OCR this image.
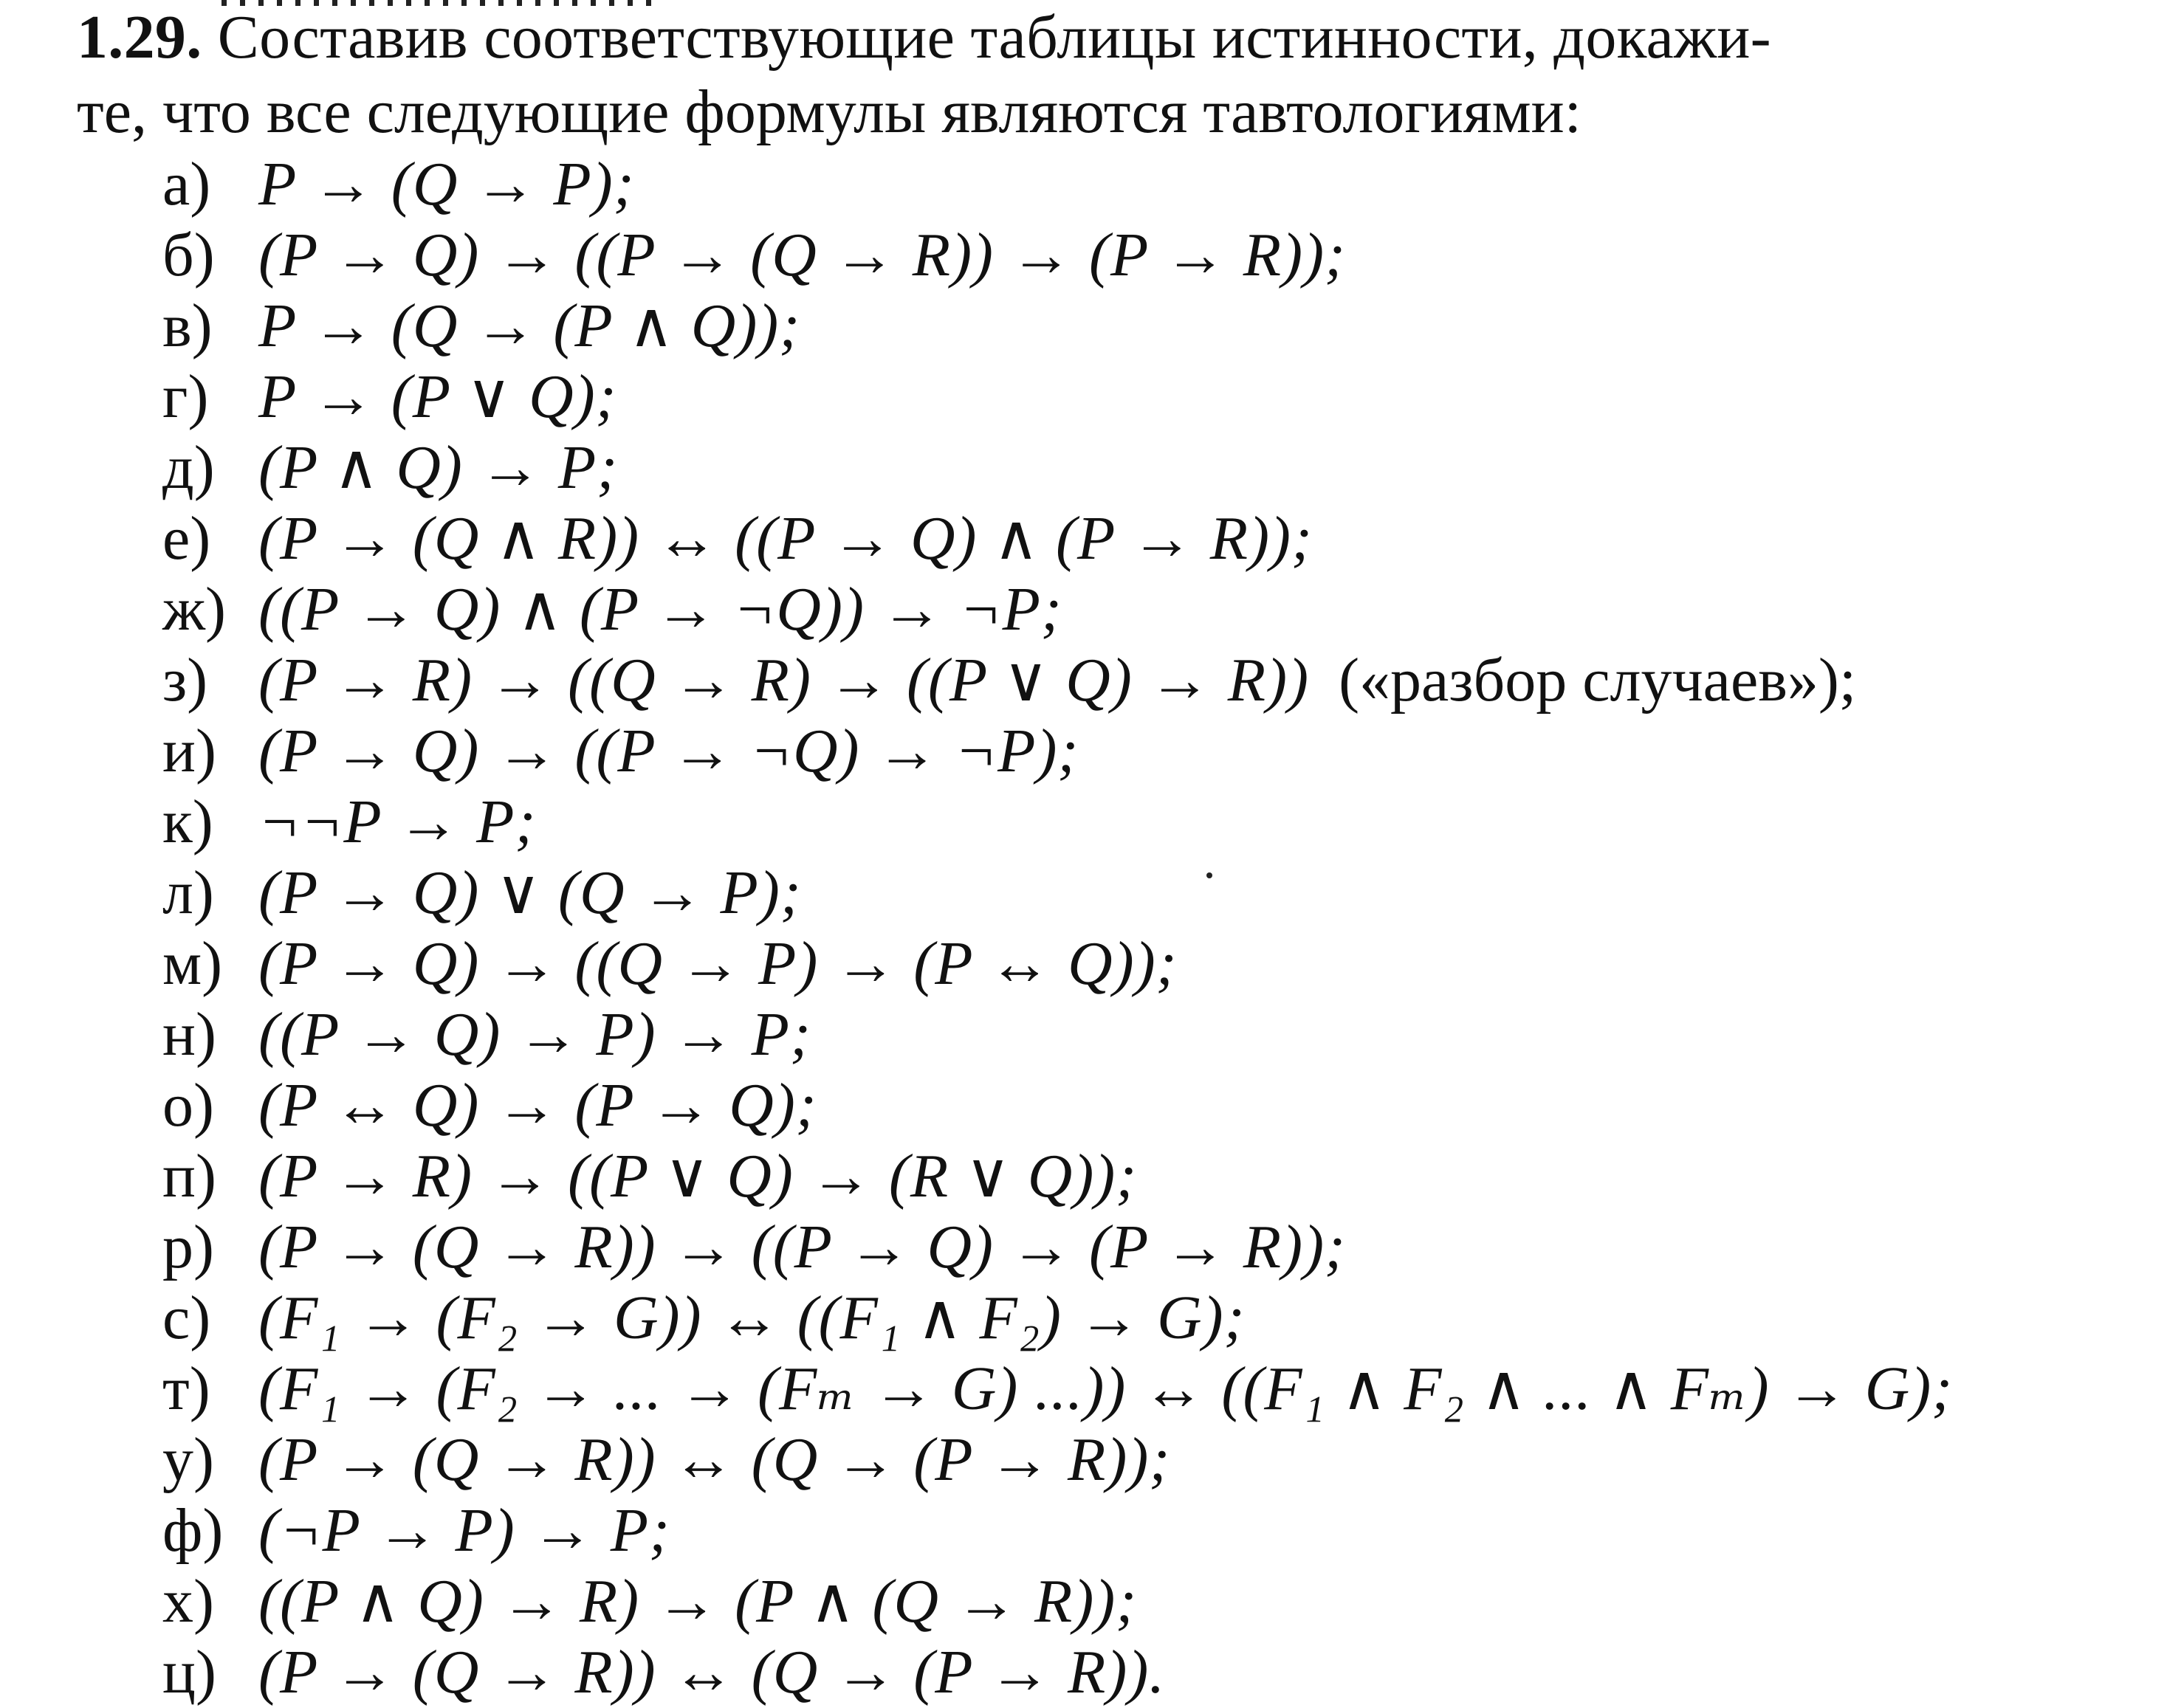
1.29. Составив соответствующие таблицы истинности, докажи-
те, что все следующие формулы являются тавтологиями:
а) P → (Q → P);
б) (P → Q) → ((P → (Q → R)) → (P → R));
в) P → (Q → (P ∧ Q));
г) P → (P ∨ Q);
д) (P ∧ Q) → P;
е) (P → (Q ∧ R)) ↔ ((P → Q) ∧ (P → R));
ж) ((P → Q) ∧ (P → ¬Q)) → ¬P;
з) (P → R) → ((Q → R) → ((P ∨ Q) → R)) («разбор случаев»);
и) (P → Q) → ((P → ¬Q) → ¬P);
к) ¬¬P → P;
л) (P → Q) ∨ (Q → P);
м) (P → Q) → ((Q → P) → (P ↔ Q));
н) ((P → Q) → P) → P;
о) (P ↔ Q) → (P → Q);
п) (P → R) → ((P ∨ Q) → (R ∨ Q));
р) (P → (Q → R)) → ((P → Q) → (P → R));
с) (F₁ → (F₂ → G)) ↔ ((F₁ ∧ F₂) → G);
т) (F₁ → (F₂ → ... → (Fₘ → G) ...)) ↔ ((F₁ ∧ F₂ ∧ ... ∧ Fₘ) → G);
у) (P → (Q → R)) ↔ (Q → (P → R));
ф) (¬P → P) → P;
х) ((P ∧ Q) → R) → (P ∧ (Q → R));
ц) (P → (Q → R)) ↔ (Q → (P → R)).
